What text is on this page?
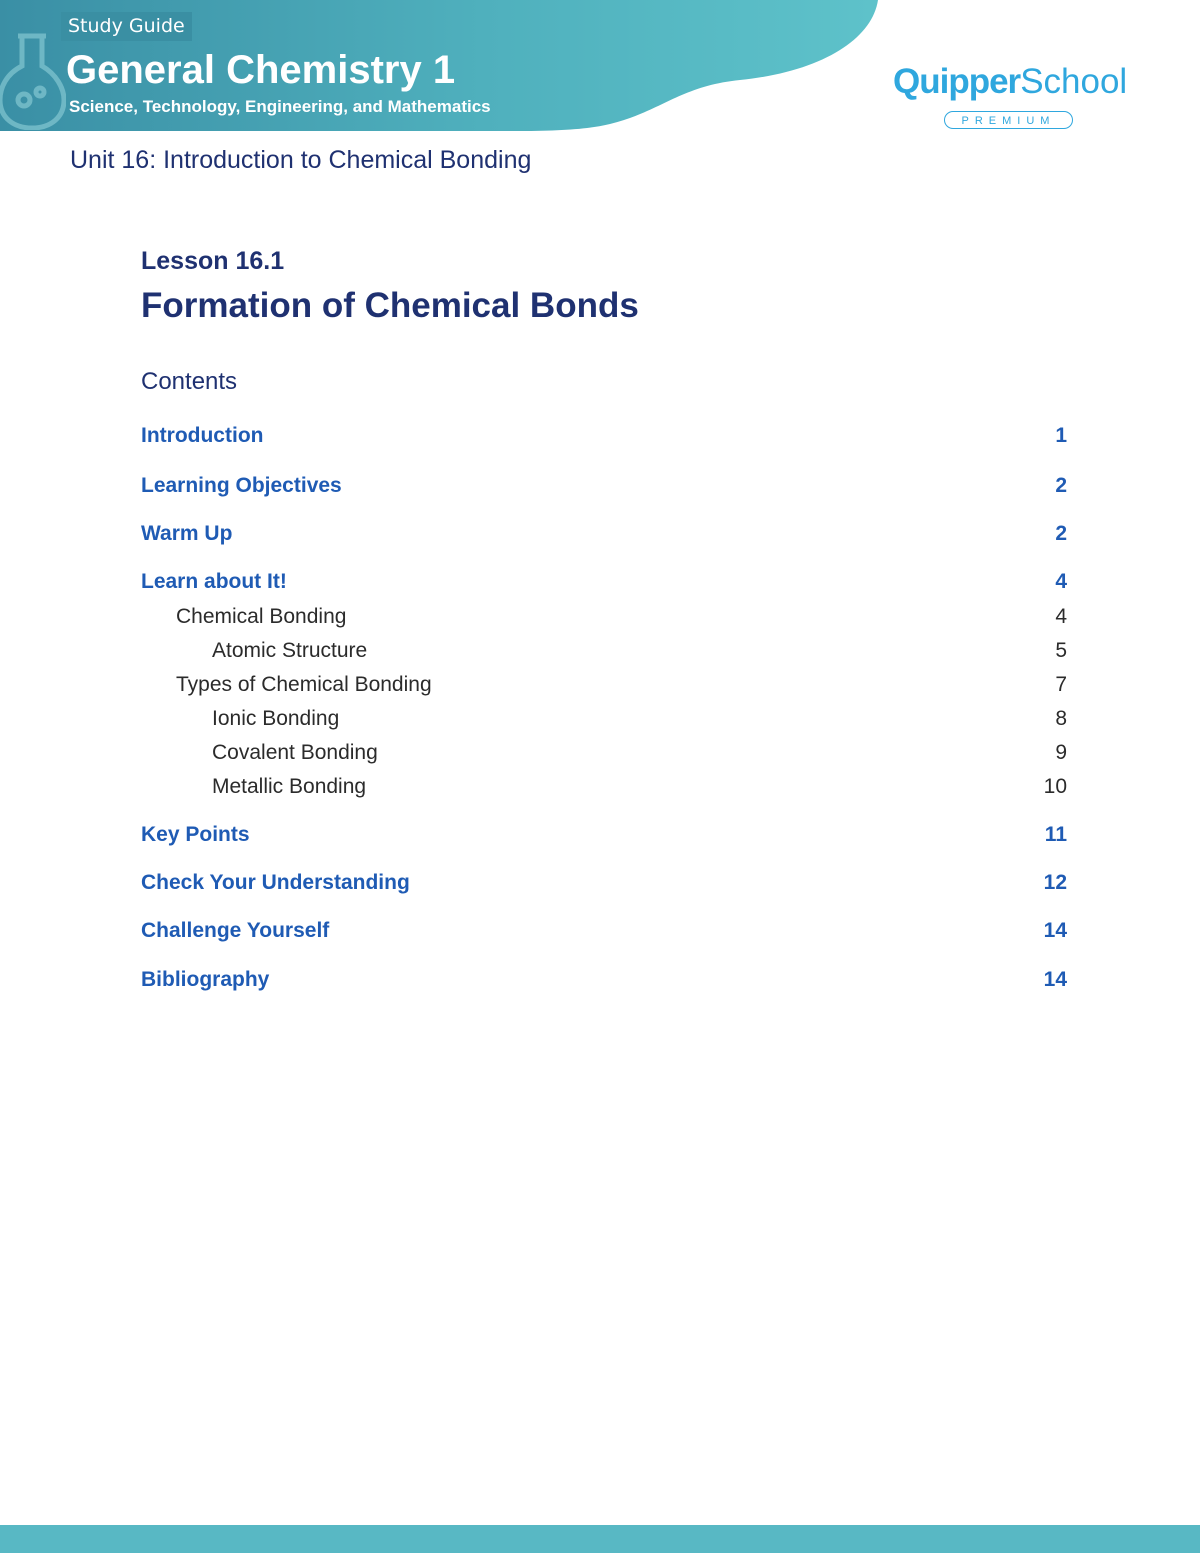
Study Guide
General Chemistry 1
Science, Technology, Engineering, and Mathematics
QuipperSchool
PREMIUM
Unit 16: Introduction to Chemical Bonding
Lesson 16.1
Formation of Chemical Bonds
Contents
Introduction	1
Learning Objectives	2
Warm Up	2
Learn about It!	4
Chemical Bonding	4
Atomic Structure	5
Types of Chemical Bonding	7
Ionic Bonding	8
Covalent Bonding	9
Metallic Bonding	10
Key Points	11
Check Your Understanding	12
Challenge Yourself	14
Bibliography	14
